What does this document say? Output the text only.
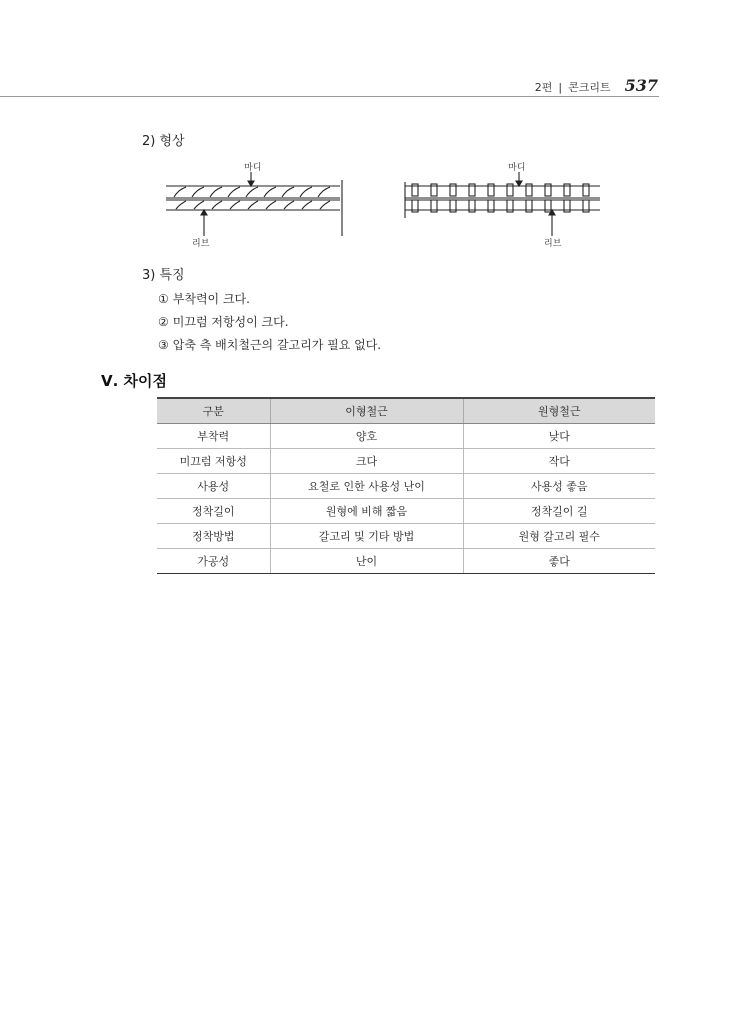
2편 | 콘크리트 537
2) 형상
마디
리브
마디
리브
3) 특징
① 부착력이 크다.
② 미끄럼 저항성이 크다.
③ 압축 측 배치철근의 갈고리가 필요 없다.
Ⅴ. 차이점
구분	이형철근	원형철근
부착력	양호	낮다
미끄럼 저항성	크다	작다
사용성	요철로 인한 사용성 난이	사용성 좋음
정착길이	원형에 비해 짧음	정착길이 길
정착방법	갈고리 및 기타 방법	원형 갈고리 필수
가공성	난이	좋다
